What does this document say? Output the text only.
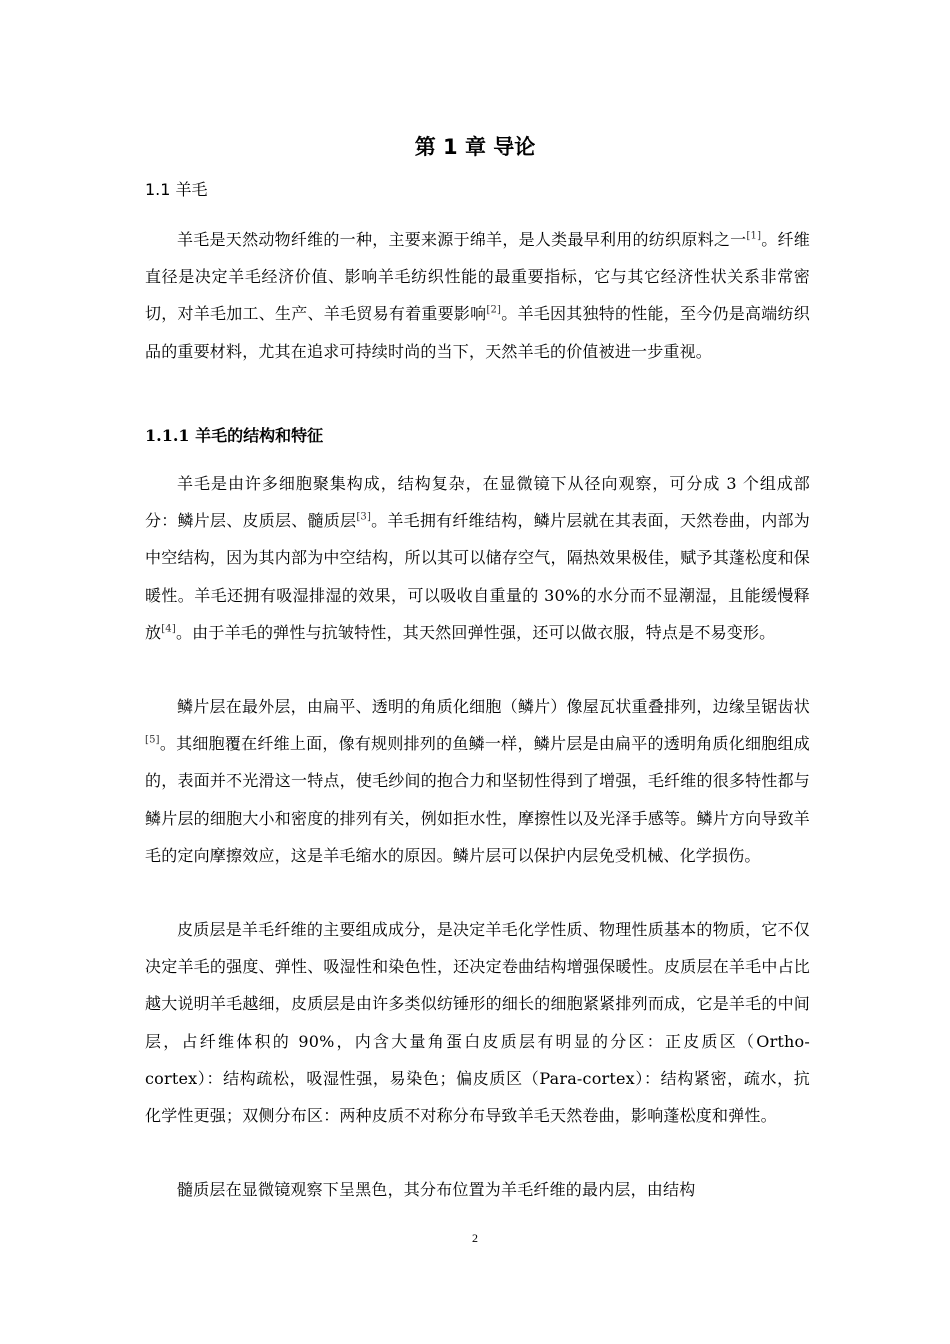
第 1 章 导论
1.1 羊毛

羊毛是天然动物纤维的一种，主要来源于绵羊，是人类最早利用的纺织原料之一[1]。纤维直径是决定羊毛经济价值、影响羊毛纺织性能的最重要指标，它与其它经济性状关系非常密切，对羊毛加工、生产、羊毛贸易有着重要影响[2]。羊毛因其独特的性能，至今仍是高端纺织品的重要材料，尤其在追求可持续时尚的当下，天然羊毛的价值被进一步重视。

1.1.1 羊毛的结构和特征

羊毛是由许多细胞聚集构成，结构复杂，在显微镜下从径向观察，可分成 3 个组成部分：鳞片层、皮质层、髓质层[3]。羊毛拥有纤维结构，鳞片层就在其表面，天然卷曲，内部为中空结构，因为其内部为中空结构，所以其可以储存空气，隔热效果极佳，赋予其蓬松度和保暖性。羊毛还拥有吸湿排湿的效果，可以吸收自重量的 30%的水分而不显潮湿，且能缓慢释放[4]。由于羊毛的弹性与抗皱特性，其天然回弹性强，还可以做衣服，特点是不易变形。

鳞片层在最外层，由扁平、透明的角质化细胞（鳞片）像屋瓦状重叠排列，边缘呈锯齿状[5]。其细胞覆在纤维上面，像有规则排列的鱼鳞一样，鳞片层是由扁平的透明角质化细胞组成的，表面并不光滑这一特点，使毛纱间的抱合力和坚韧性得到了增强，毛纤维的很多特性都与鳞片层的细胞大小和密度的排列有关，例如拒水性，摩擦性以及光泽手感等。鳞片方向导致羊毛的定向摩擦效应，这是羊毛缩水的原因。鳞片层可以保护内层免受机械、化学损伤。

皮质层是羊毛纤维的主要组成成分，是决定羊毛化学性质、物理性质基本的物质，它不仅决定羊毛的强度、弹性、吸湿性和染色性，还决定卷曲结构增强保暖性。皮质层在羊毛中占比越大说明羊毛越细，皮质层是由许多类似纺锤形的细长的细胞紧紧排列而成，它是羊毛的中间层，占纤维体积的 90%，内含大量角蛋白皮质层有明显的分区：正皮质区（Ortho-cortex）：结构疏松，吸湿性强，易染色；偏皮质区（Para-cortex）：结构紧密，疏水，抗化学性更强；双侧分布区：两种皮质不对称分布导致羊毛天然卷曲，影响蓬松度和弹性。

髓质层在显微镜观察下呈黑色，其分布位置为羊毛纤维的最内层，由结构

2
